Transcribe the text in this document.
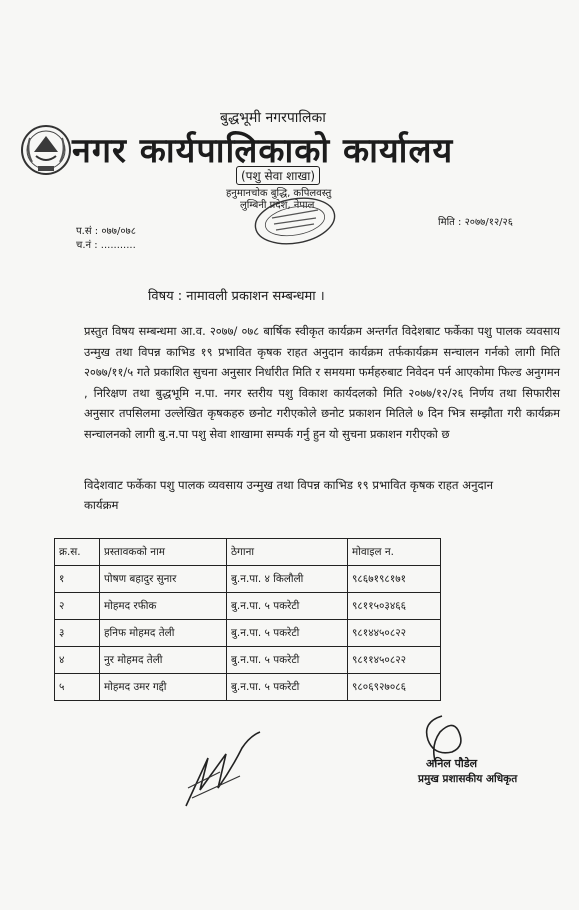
बुद्धभूमी नगरपालिका
नगर कार्यपालिकाको कार्यालय
(पशु सेवा शाखा)
हनुमानचोक बुद्धि, कपिलवस्तु
लुम्बिनी प्रदेश, नेपाल
प.सं : ०७७/०७८
च.नं : ...........
मिति : २०७७/१२/२६
विषय : नामावली प्रकाशन सम्बन्धमा ।
प्रस्तुत विषय सम्बन्धमा आ.व. २०७७/ ०७८ बार्षिक स्वीकृत कार्यक्रम अन्तर्गत विदेशबाट फर्केका पशु पालक व्यवसाय उन्मुख तथा विपन्न काभिड १९ प्रभावित कृषक राहत अनुदान कार्यक्रम तर्फकार्यक्रम सन्चालन गर्नको लागी मिति २०७७/११/५ गते प्रकाशित सुचना अनुसार निर्धारीत मिति र समयमा फर्महरुबाट निवेदन पर्न आएकोमा फिल्ड अनुगमन , निरिक्षण तथा बुद्धभूमि न.पा. नगर स्तरीय पशु विकाश कार्यदलको मिति २०७७/१२/२६ निर्णय तथा सिफारीस अनुसार तपसिलमा उल्लेखित कृषकहरु छनोट गरीएकोले छनोट प्रकाशन मितिले ७ दिन भित्र सम्झौता गरी कार्यक्रम सन्चालनको लागी बु.न.पा पशु सेवा शाखामा सम्पर्क गर्नु हुन यो सुचना प्रकाशन गरीएको छ
विदेशवाट फर्केका पशु पालक व्यवसाय उन्मुख तथा विपन्न काभिड १९ प्रभावित कृषक राहत अनुदान कार्यक्रम
क्र.स.	प्रस्तावकको नाम	ठेगाना	मोवाइल न.
१	पोषण बहादुर सुनार	बु.न.पा. ४ किलौली	९८६७१९८१७१
२	मोहमद रफीक	बु.न.पा. ५ पकरेटी	९८११५०३४६६
३	हनिफ मोहमद तेली	बु.न.पा. ५ पकरेटी	९८१४४५०८२२
४	नुर मोहमद तेली	बु.न.पा. ५ पकरेटी	९८११४५०८२२
५	मोहमद उमर गद्दी	बु.न.पा. ५ पकरेटी	९८०६९२७०८६
अनिल पौडेल
प्रमुख प्रशासकीय अधिकृत
